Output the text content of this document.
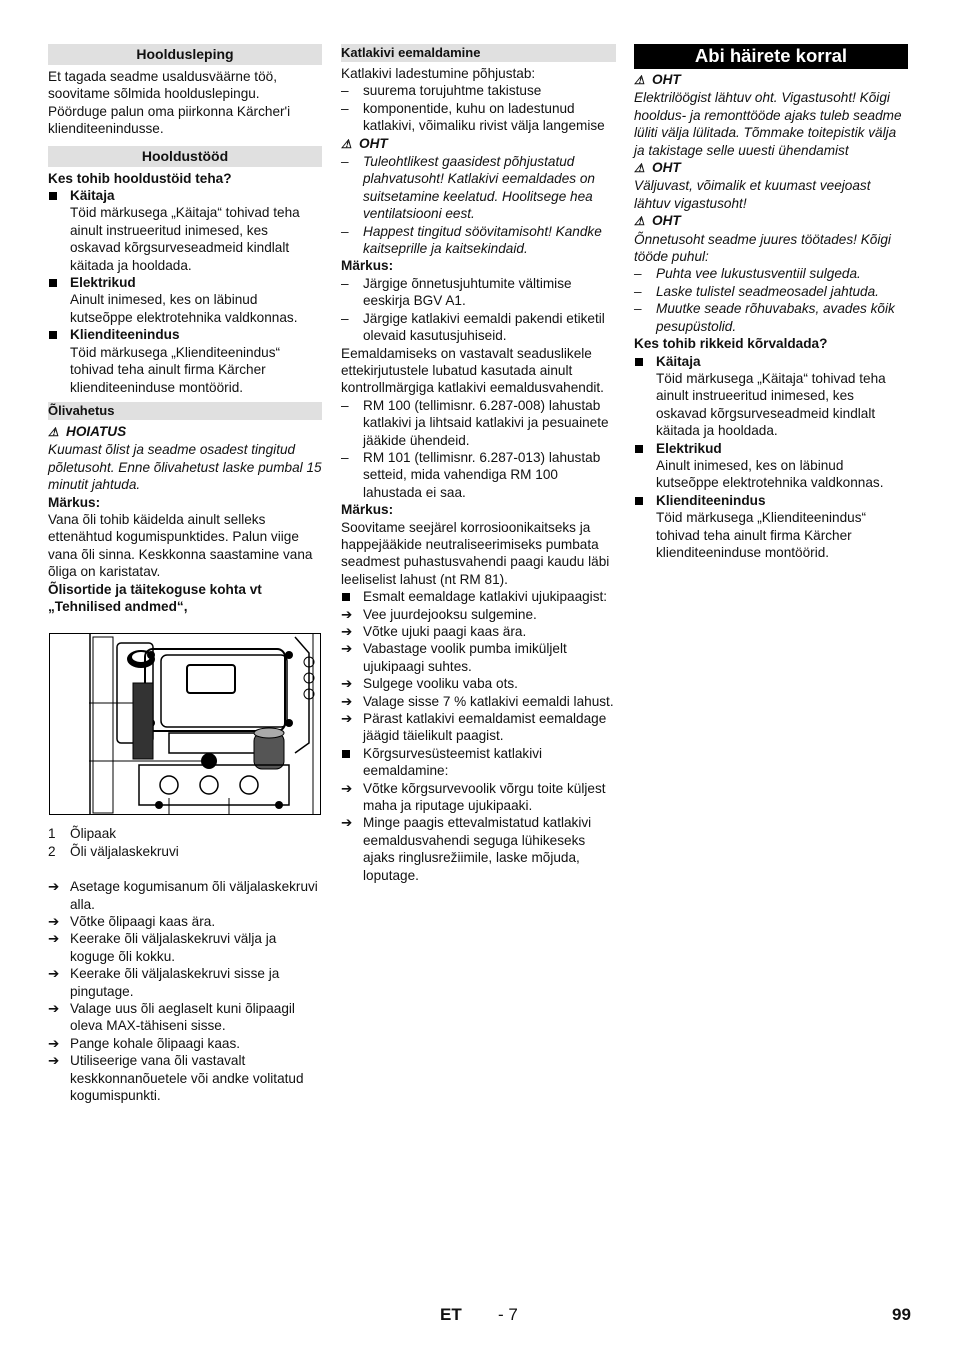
Hooldusleping

Et tagada seadme usaldusväärne töö, soovitame sõlmida hoolduslepingu. Pöörduge palun oma piirkonna Kärcher'i klienditeenindusse.

Hooldustööd

Kes tohib hooldustöid teha?

Käitaja

Töid märkusega „Käitaja“ tohivad teha ainult instrueeritud inimesed, kes oskavad kõrgsurveseadmeid kindlalt käitada ja hooldada.

Elektrikud

Ainult inimesed, kes on läbinud kutseõppe elektrotehnika valdkonnas.

Klienditeenindus

Töid märkusega „Klienditeenindus“ tohivad teha ainult firma Kärcher klienditeeninduse montöörid.

Õlivahetus

⚠ HOIATUS

Kuumast õlist ja seadme osadest tingitud põletusoht. Enne õlivahetust laske pumbal 15 minutit jahtuda.

Märkus:

Vana õli tohib käidelda ainult selleks ettenähtud kogumispunktides. Palun viige vana õli sinna. Keskkonna saastamine vana õliga on karistatav.

Õlisortide ja täitekoguse kohta vt „Tehnilised andmed“,

1	Õlipaak
2	Õli väljalaskekruvi
➔ Asetage kogumisanum õli väljalaskekruvi alla.
➔ Võtke õlipaagi kaas ära.
➔ Keerake õli väljalaskekruvi välja ja koguge õli kokku.
➔ Keerake õli väljalaskekruvi sisse ja pingutage.
➔ Valage uus õli aeglaselt kuni õlipaagil oleva MAX-tähiseni sisse.
➔ Pange kohale õlipaagi kaas.
➔ Utiliseerige vana õli vastavalt keskkonnanõuetele või andke volitatud kogumispunkti.
Katlakivi eemaldamine

Katlakivi ladestumine põhjustab:

–	suurema torujuhtme takistuse
–	komponentide, kuhu on ladestunud katlakivi, võimaliku rivist välja langemise

⚠ OHT

–	Tuleohtlikest gaasidest põhjustatud plahvatusoht! Katlakivi eemaldades on suitsetamine keelatud. Hoolitsege hea ventilatsiooni eest.
–	Happest tingitud söövitamisoht! Kandke kaitseprille ja kaitsekindaid.

Märkus:

–	Järgige õnnetusjuhtumite vältimise eeskirja BGV A1.
–	Järgige katlakivi eemaldi pakendi etiketil olevaid kasutusjuhiseid.

Eemaldamiseks on vastavalt seaduslikele ettekirjutustele lubatud kasutada ainult kontrollmärgiga katlakivi eemaldusvahendit.

–	RM 100 (tellimisnr. 6.287-008) lahustab katlakivi ja lihtsaid katlakivi ja pesuainete jääkide ühendeid.
–	RM 101 (tellimisnr. 6.287-013) lahustab setteid, mida vahendiga RM 100 lahustada ei saa.

Märkus:

Soovitame seejärel korrosioonikaitseks ja happejääkide neutraliseerimiseks pumbata seadmest puhastusvahendi paagi kaudu läbi leeliselist lahust (nt RM 81).

Esmalt eemaldage katlakivi ujukipaagist:
➔ Vee juurdejooksu sulgemine.
➔ Võtke ujuki paagi kaas ära.
➔ Vabastage voolik pumba imiküljelt ujukipaagi suhtes.
➔ Sulgege vooliku vaba ots.
➔ Valage sisse 7 % katlakivi eemaldi lahust.
➔ Pärast katlakivi eemaldamist eemaldage jäägid täielikult paagist.
Kõrgsurvesüsteemist katlakivi eemaldamine:
➔ Võtke kõrgsurvevoolik võrgu toite küljest maha ja riputage ujukipaaki.
➔ Minge paagis ettevalmistatud katlakivi eemaldusvahendi seguga lühikeseks ajaks ringlusrežiimile, laske mõjuda, loputage.
Abi häirete korral

⚠ OHT

Elektrilöögist lähtuv oht. Vigastusoht! Kõigi hooldus- ja remonttööde ajaks tuleb seadme lüliti välja lülitada. Tõmmake toitepistik välja ja takistage selle uuesti ühendamist

⚠ OHT

Väljuvast, võimalik et kuumast veejoast lähtuv vigastusoht!

⚠ OHT

Õnnetusoht seadme juures töötades! Kõigi tööde puhul:

–	Puhta vee lukustusventiil sulgeda.
–	Laske tulistel seadmeosadel jahtuda.
–	Muutke seade rõhuvabaks, avades kõik pesupüstolid.

Kes tohib rikkeid kõrvaldada?

Käitaja

Töid märkusega „Käitaja“ tohivad teha ainult instrueeritud inimesed, kes oskavad kõrgsurveseadmeid kindlalt käitada ja hooldada.

Elektrikud

Ainult inimesed, kes on läbinud kutseõppe elektrotehnika valdkonnas.

Klienditeenindus

Töid märkusega „Klienditeenindus“ tohivad teha ainult firma Kärcher klienditeeninduse montöörid.

ET - 7	99
